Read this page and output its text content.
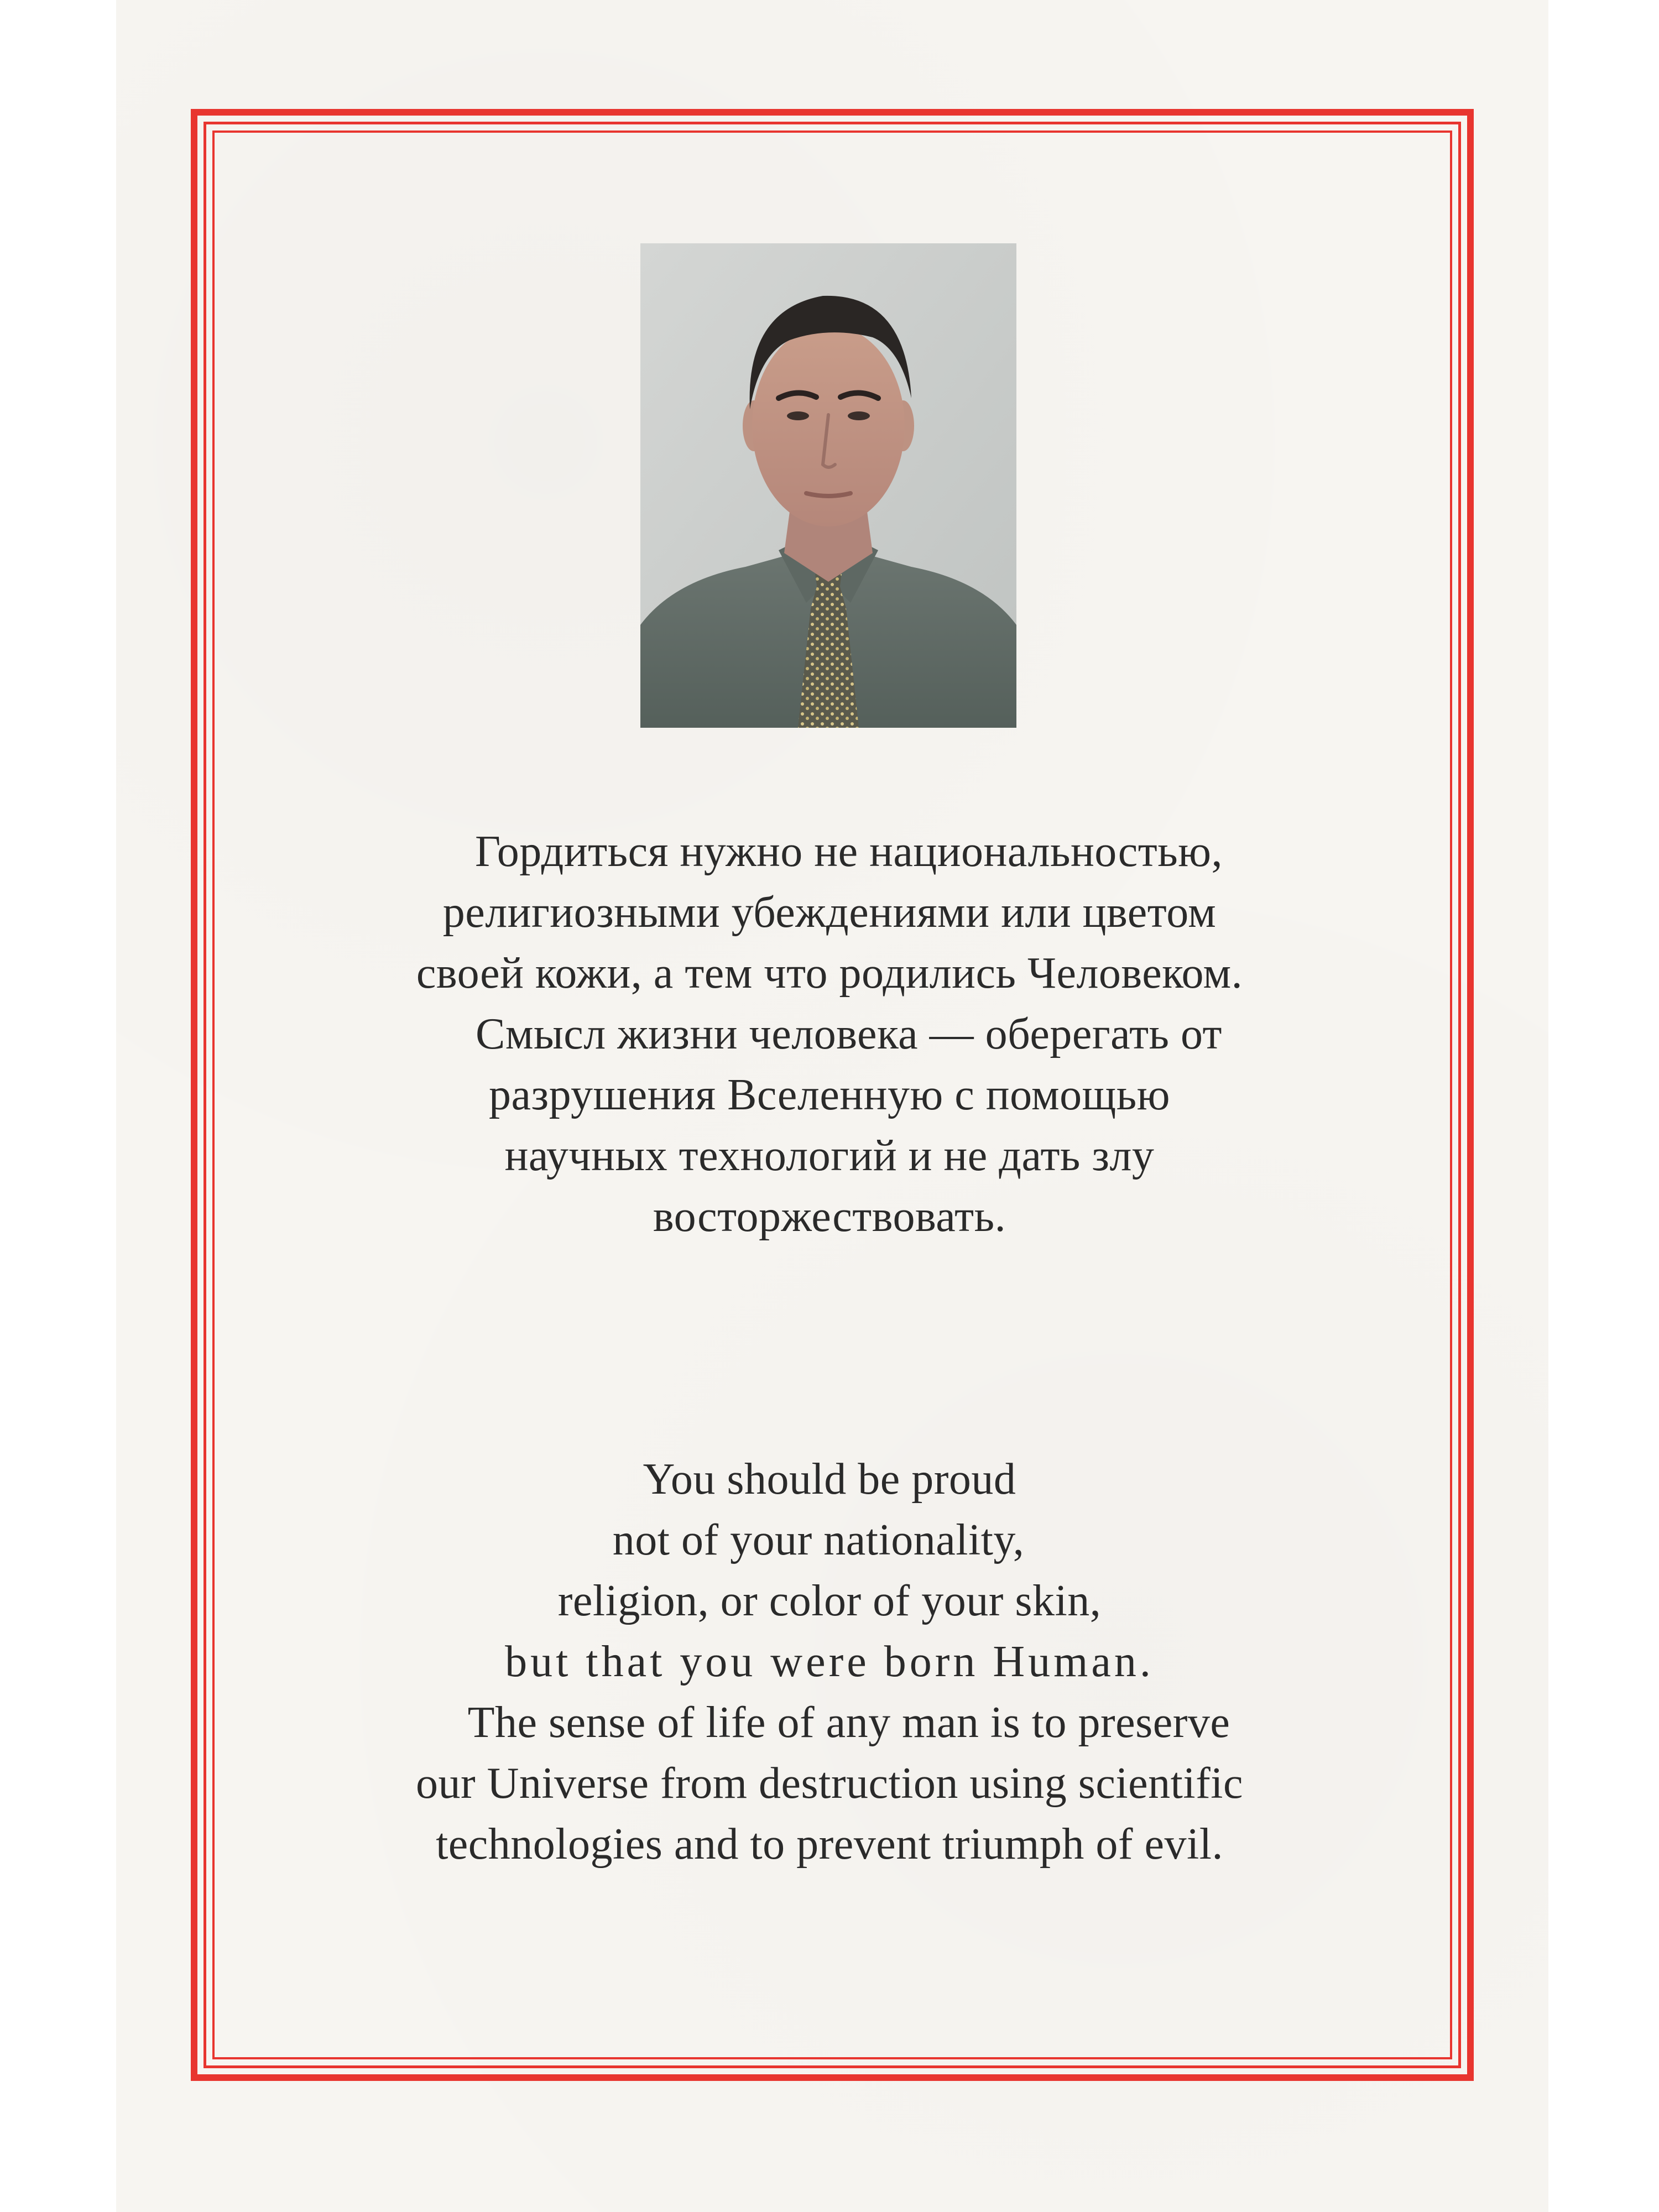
Гордиться нужно не национальностью,
религиозными убеждениями или цветом
своей кожи, а тем что родились Человеком.
Смысл жизни человека — оберегать от
разрушения Вселенную с помощью
научных технологий и не дать злу
восторжествовать.
You should be proud
not of your nationality,
religion, or color of your skin,
but that you were born Human.
The sense of life of any man is to preserve
our Universe from destruction using scientific
technologies and to prevent triumph of evil.
